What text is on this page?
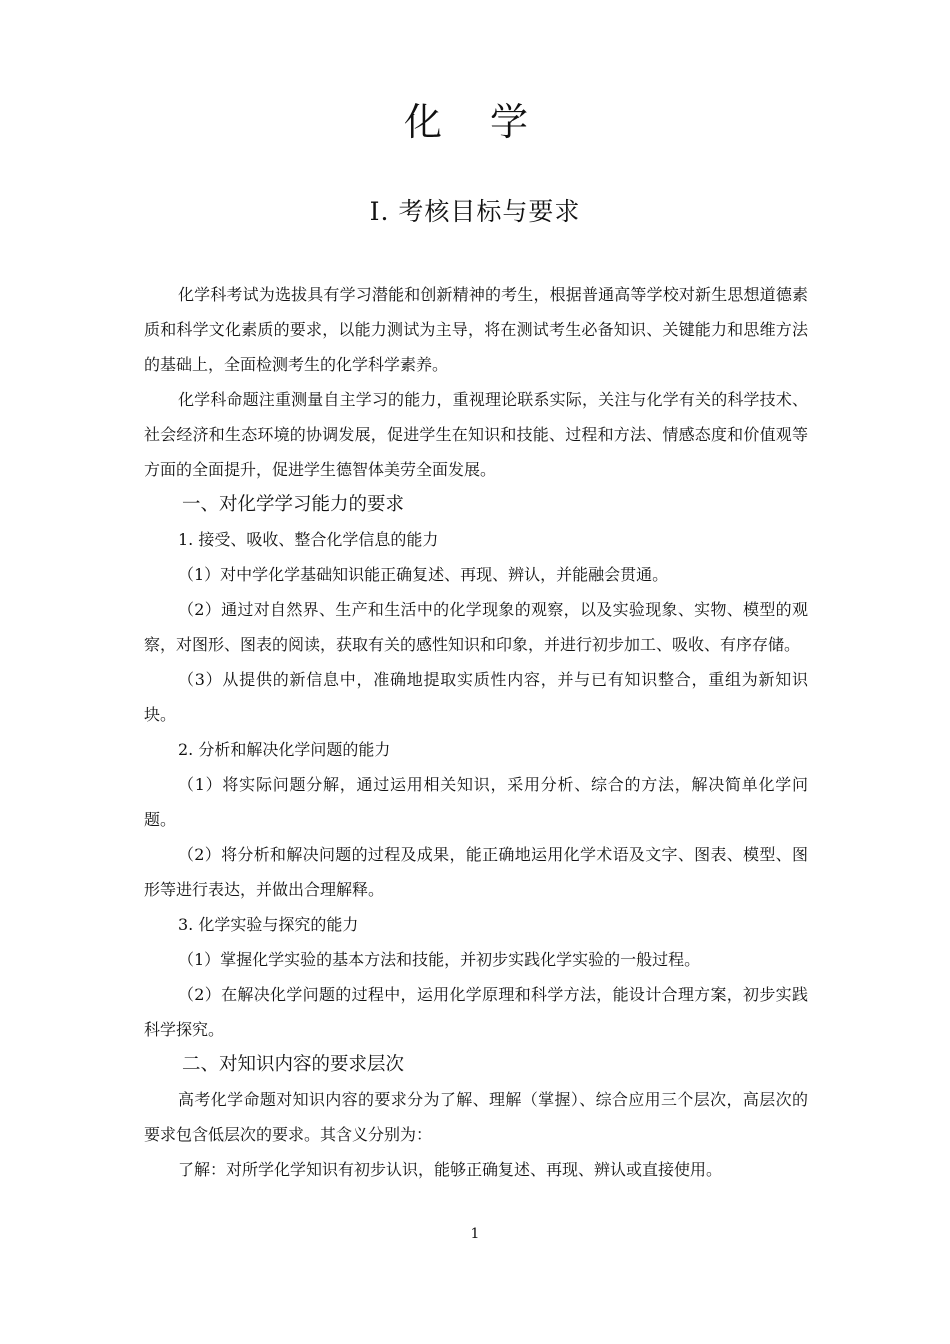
化 学
Ⅰ. 考核目标与要求

化学科考试为选拔具有学习潜能和创新精神的考生，根据普通高等学校对新生思想道德素质和科学文化素质的要求，以能力测试为主导，将在测试考生必备知识、关键能力和思维方法的基础上，全面检测考生的化学科学素养。

化学科命题注重测量自主学习的能力，重视理论联系实际，关注与化学有关的科学技术、社会经济和生态环境的协调发展，促进学生在知识和技能、过程和方法、情感态度和价值观等方面的全面提升，促进学生德智体美劳全面发展。

一、对化学学习能力的要求

1. 接受、吸收、整合化学信息的能力

（1）对中学化学基础知识能正确复述、再现、辨认，并能融会贯通。

（2）通过对自然界、生产和生活中的化学现象的观察，以及实验现象、实物、模型的观察，对图形、图表的阅读，获取有关的感性知识和印象，并进行初步加工、吸收、有序存储。

（3）从提供的新信息中，准确地提取实质性内容，并与已有知识整合，重组为新知识块。

2. 分析和解决化学问题的能力

（1）将实际问题分解，通过运用相关知识，采用分析、综合的方法，解决简单化学问题。

（2）将分析和解决问题的过程及成果，能正确地运用化学术语及文字、图表、模型、图形等进行表达，并做出合理解释。

3. 化学实验与探究的能力

（1）掌握化学实验的基本方法和技能，并初步实践化学实验的一般过程。

（2）在解决化学问题的过程中，运用化学原理和科学方法，能设计合理方案，初步实践科学探究。

二、对知识内容的要求层次

高考化学命题对知识内容的要求分为了解、理解（掌握）、综合应用三个层次，高层次的要求包含低层次的要求。其含义分别为：

了解：对所学化学知识有初步认识，能够正确复述、再现、辨认或直接使用。

1
